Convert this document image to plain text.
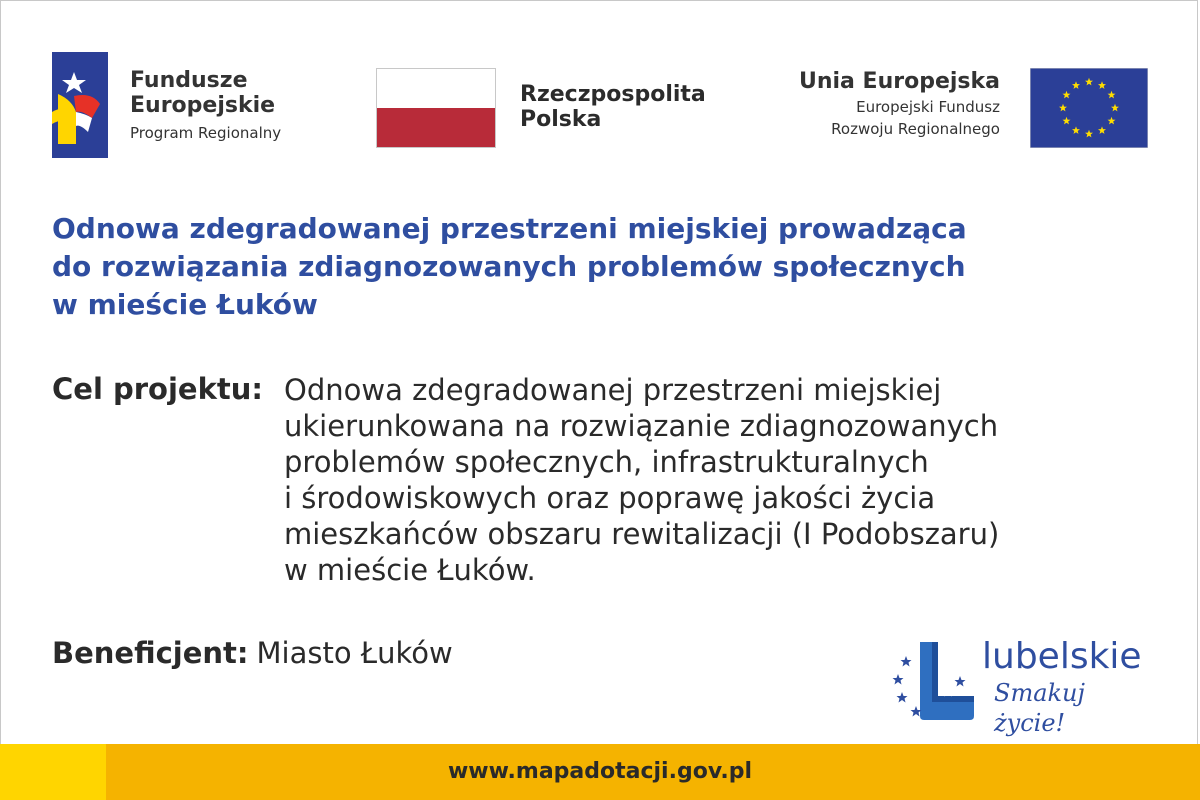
Fundusze
Europejskie
Program Regionalny
Rzeczpospolita
Polska
Unia Europejska
Europejski Fundusz
Rozwoju Regionalnego
Odnowa zdegradowanej przestrzeni miejskiej prowadząca
do rozwiązania zdiagnozowanych problemów społecznych
w mieście Łuków
Cel projektu: Odnowa zdegradowanej przestrzeni miejskiej
ukierunkowana na rozwiązanie zdiagnozowanych
problemów społecznych, infrastrukturalnych
i środowiskowych oraz poprawę jakości życia
mieszkańców obszaru rewitalizacji (I Podobszaru)
w mieście Łuków.
Beneficjent: Miasto Łuków	lubelskie
Smakuj życie!
www.mapadotacji.gov.pl
